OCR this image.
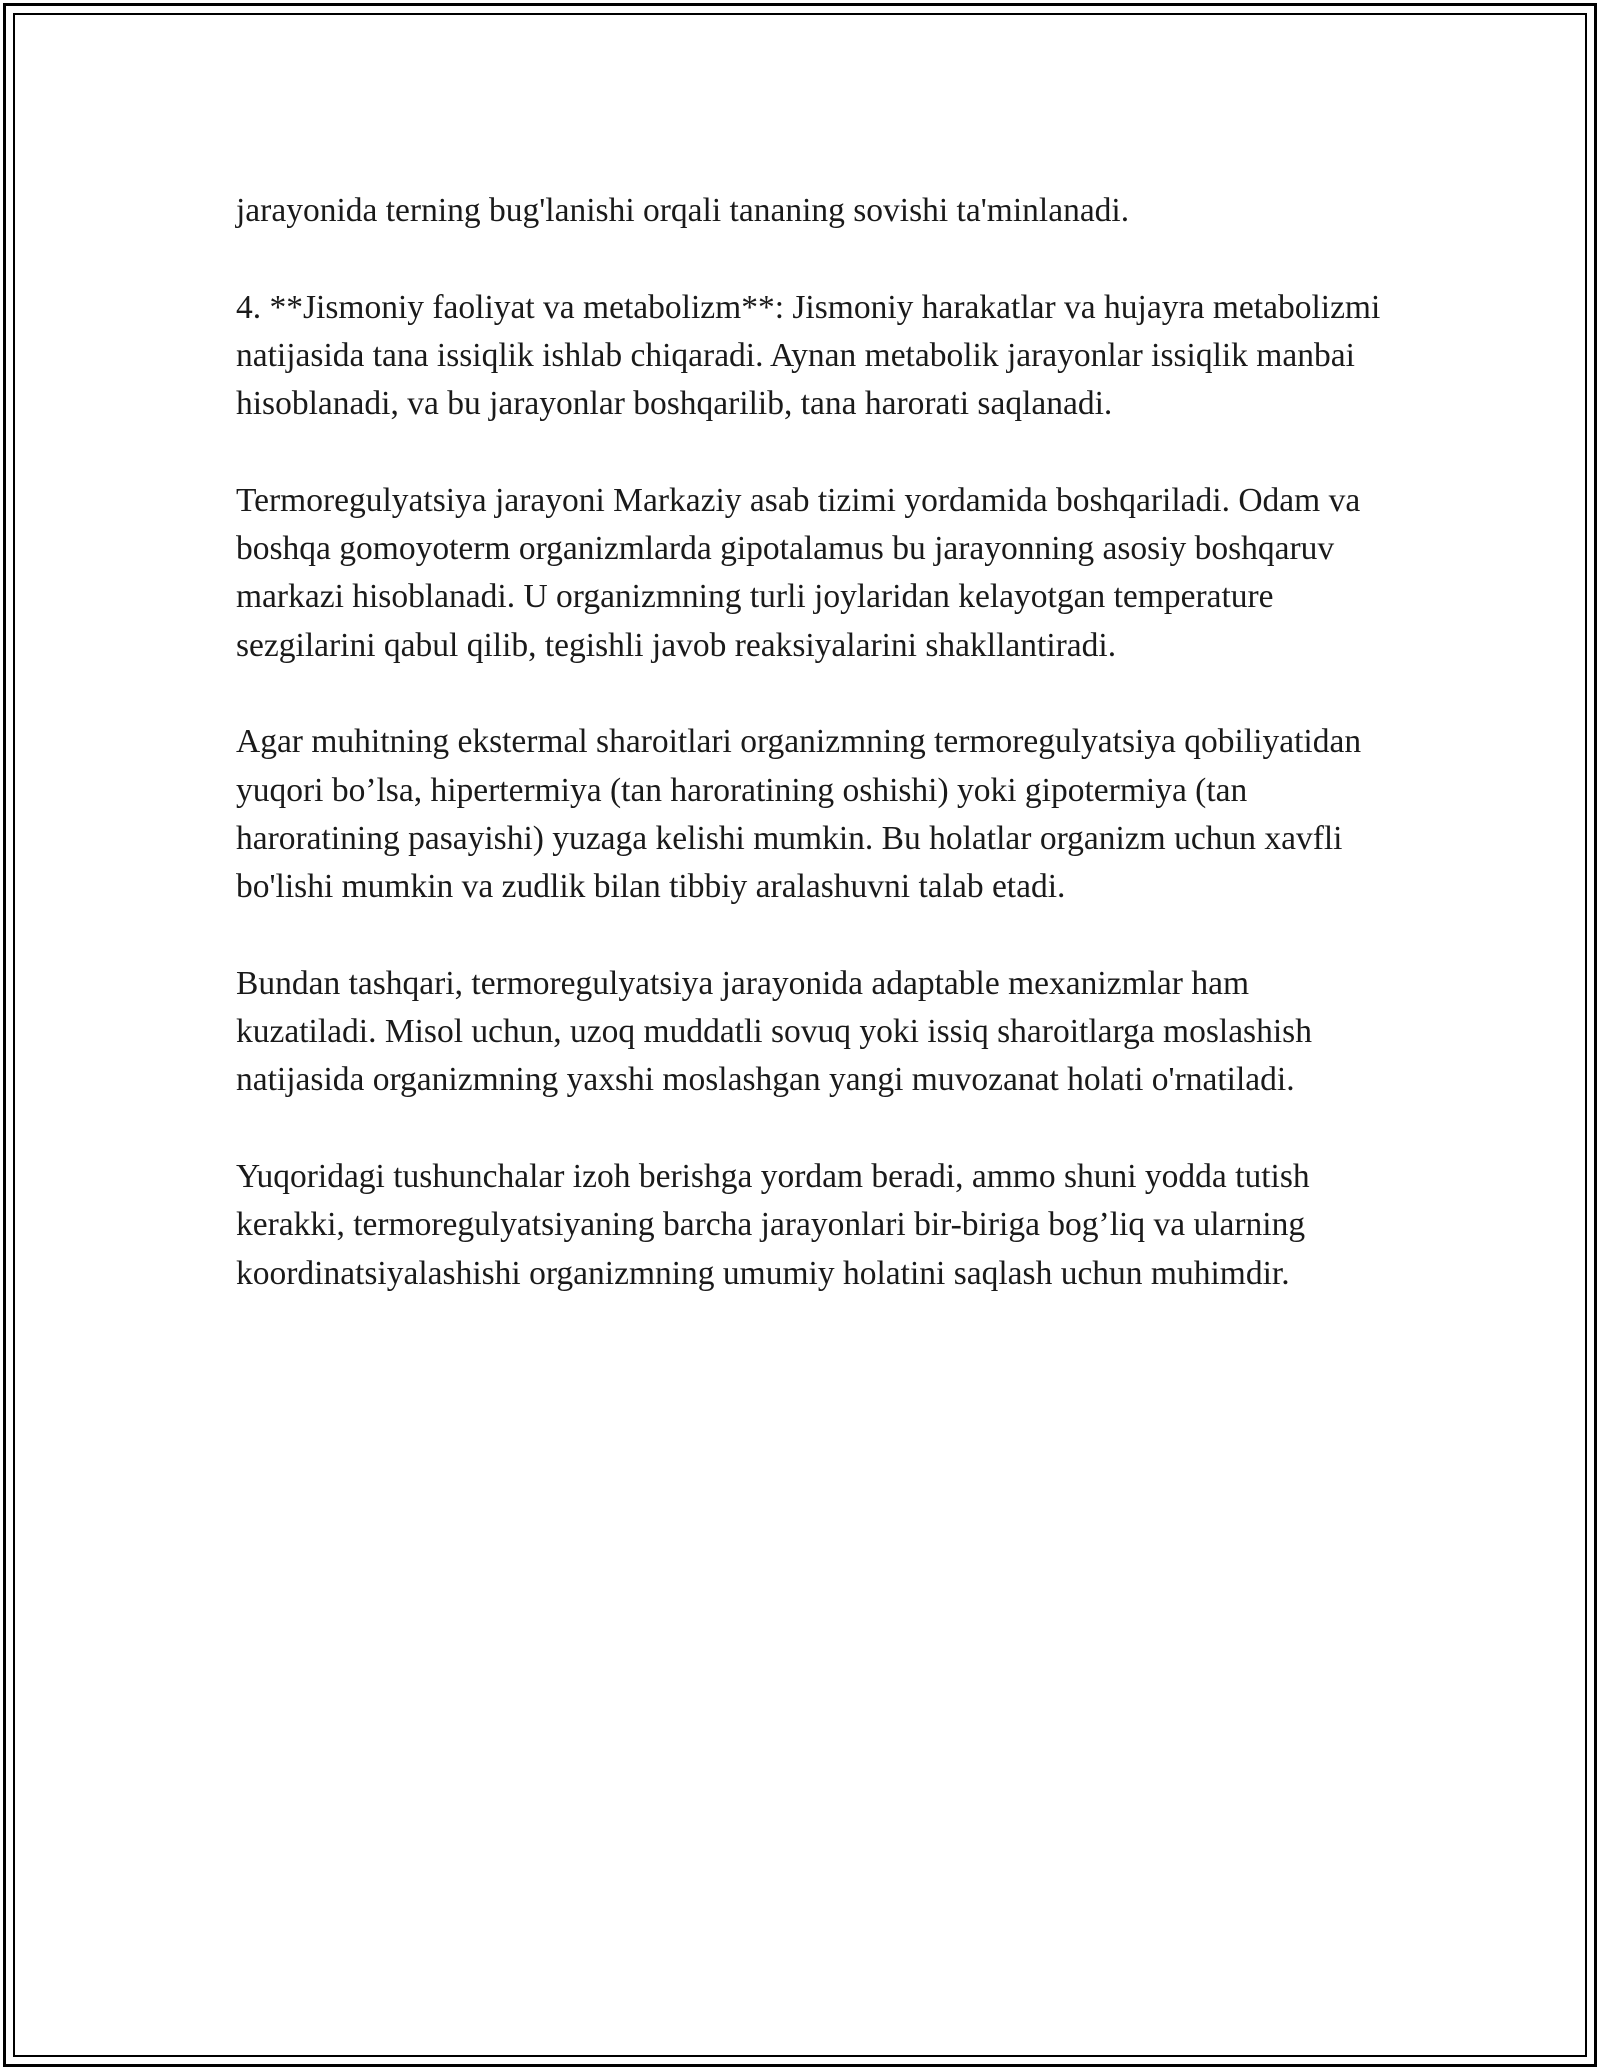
jarayonida terning bug'lanishi orqali tananing sovishi ta'minlanadi.

4. **Jismoniy faoliyat va metabolizm**: Jismoniy harakatlar va hujayra metabolizmi natijasida tana issiqlik ishlab chiqaradi. Aynan metabolik jarayonlar issiqlik manbai hisoblanadi, va bu jarayonlar boshqarilib, tana harorati saqlanadi.

Termoregulyatsiya jarayoni Markaziy asab tizimi yordamida boshqariladi. Odam va boshqa gomoyoterm organizmlarda gipotalamus bu jarayonning asosiy boshqaruv markazi hisoblanadi. U organizmning turli joylaridan kelayotgan temperature sezgilarini qabul qilib, tegishli javob reaksiyalarini shakllantiradi.

Agar muhitning ekstermal sharoitlari organizmning termoregulyatsiya qobiliyatidan yuqori bo’lsa, hipertermiya (tan haroratining oshishi) yoki gipotermiya (tan haroratining pasayishi) yuzaga kelishi mumkin. Bu holatlar organizm uchun xavfli bo'lishi mumkin va zudlik bilan tibbiy aralashuvni talab etadi.

Bundan tashqari, termoregulyatsiya jarayonida adaptable mexanizmlar ham kuzatiladi. Misol uchun, uzoq muddatli sovuq yoki issiq sharoitlarga moslashish natijasida organizmning yaxshi moslashgan yangi muvozanat holati o'rnatiladi.

Yuqoridagi tushunchalar izoh berishga yordam beradi, ammo shuni yodda tutish kerakki, termoregulyatsiyaning barcha jarayonlari bir-biriga bog’liq va ularning koordinatsiyalashishi organizmning umumiy holatini saqlash uchun muhimdir.
